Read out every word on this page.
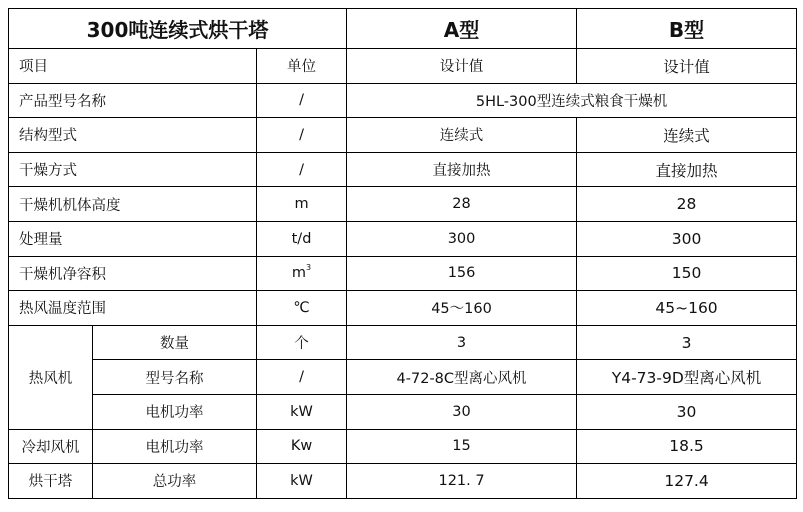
300吨连续式烘干塔			A型	B型
项目		单位	设计值	设计值
产品型号名称		/	5HL-300型连续式粮食干燥机	
结构型式		/	连续式	连续式
干燥方式		/	直接加热	直接加热
干燥机机体高度		m	28	28
处理量		t/d	300	300
干燥机净容积		$m^3$	156	150
热风温度范围		℃	45～160	45~160
热风机	数量	个	3	3
	型号名称	/	4-72-8C型离心风机	Y4-73-9D型离心风机
	电机功率	kW	30	30
冷却风机	电机功率	Kw	15	18.5
烘干塔	总功率	kW	121. 7	127.4
